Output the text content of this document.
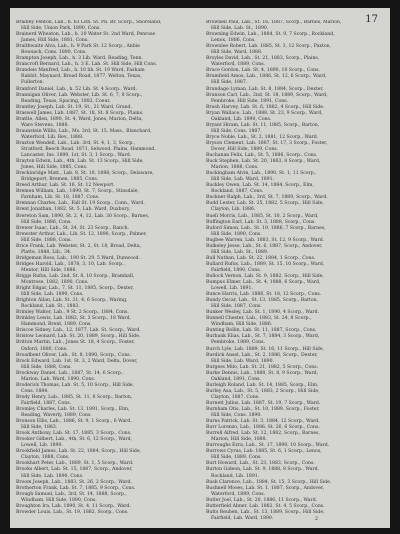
17
Bradley Fenton, Lab., h. 63 Lith. St. Ph. Br. Scorp., Shoreland,
Hill Side, Union Park, 1890, Cons.
Brainerd Wheaton, Lab., h. 10 Water St. 2nd Ward, Penrose
James, Hill Side, 1881, Cons.
Braithwaite Alva, Lab., h. 9 Park St. 12 Scorp., Anbie
Bowsack, Cons. 1890, Cons.
Brampton Joseph, Lab., h. 3 Lib. Ward, Reading, Tenn.
Brancroft Bernard, Lab., h. 3 E. Lab. St. Hill Side, Hill Cons.
Brandeis Manfred, Lab., h. 10 lib. St. 19 Ward, Fasham
Rabbit, Maynard, Broad Road, 1877, Welton, Texas,
Fullerton.
Branford Daniel, Lab., h. 52 Lib. St. 4 Scorp., Ward.
Brannigan Oliver, Lab. Webster, Lib. St. 6, 7, 8 Scorp.,
Reading, Texas, Spacing, 1882, Coeur,
Brantley Joseph, Lab. St. 19, St., 21 Ward, Grand,
Braswell James, Lab. 1887, St. 18, St. 8 Scorp., Plains.
Brattle, Allen, 1890, St. 4, Ward, Jones, Marion, Delta,
Ware Stevens, 1888.
Braunstein Willis, Lab., Ms. 3rd, St. 15, Mass., Blanchard,
Waterford, Lib. Rev., 1888.
Braxton Wendell, Lab., Lab. 3rd, St. 4, 1, 3, Scorp.,
Stratford, Beech Road, 1871, Selwood, Plains, Hammond,
Lancaster, Ins. 1890, 1st, St. 3, 1 Scorp., Ward.
Brayton Edwin, Lab., 4th, Lab. St. 13 Scorp., Hill Side,
Jones, Hill Side, 1885, Cons.
Breckinridge Matt., Lab. 8, St. 10, 1888, Scorp., Delaware,
Bridgeport, Bremen, 1885, Cons.
Breed Arthur, Lab. St. 16, St. 12 Newport.
Bremen William, Lab., 1890, St. 7, Scorp., Stinsdale,
Farnham, Lib. St. 18, 1887, Cons.
Brennan Charles, Lab., Fall St. 19 Scorp., Conn., Ward.
Brent Jonathan, 1882, St. 5, Lab. Ward, Duxbury,
Brereton Sam, 1890, St. 2, 4, 12, Lab. 30 Scorp., Barnes,
Hill Side, 1886, Cons.
Brewer Isaac, Lab., St. 24, St. 23 Scorp., Ranch.
Brewster Arthur, Lab., Lib. St. 12, 1890, Scorp., Palmer,
Hill Side, 1888, Cons.
Brice Frank, Lab. Webster, St. 2, St. 18, Broad, Delta,
Platte, 1888, Lib., 34.
Bridgeman Ross, Lab., 190 St. 29, 5 Ward, Dunwood.
Bridges Harold, Lab., 1878, 3, 10, Lab. Scorp.,
Mentor, Hill Side, 1886.
Briggs Rufus, Lab. 2nd, St. 8, 10 Scorp., Bramhall,
Montrose, 1882, 1890, Cons.
Bright Edgar, Lab., 7, St. 11, 1885, Scorp., Dexter,
Hill Side, Lab. 1890, Cons.
Brighton Allan, Lab. St. 31, 4, 6 Scorp., Waring,
Rockland, Lab. St., 1883.
Brimley Walter, Lab., 9 St. 2 Scorp., 1884, Cons.
Brinkley Lewis, Lab. 1882, St. 3 Scorp., 18 Ward,
Hammond, Brent, 1889, Cons.
Briscoe Sidney, Lab., 12, 1877, Lab. St. Scorp., Ward.
Bristow Leonard, Lab. St. 20, 1889, Scorp., Hill Side,
Britton Martin, Lab., Jones St. 18, 4 Scorp., Foster,
Oxford, 1880, Cons.
Broadbent Oliver, Lab., St. 8, 1890, Scorp., Cons.
Brock Edward, Lab. 1st, St. 3, 2 Ward, Delta, Dover,
Hill Side, 1888, Cons.
Brockway Daniel, Lab., 1887, St. 14, 6 Scorp.,
Marion, Lab. Ward, 1890, Cons.
Broderick Thomas, Lab. St. 5, 10 Scorp., Hill Side,
Cons. 1884.
Brody Henry, Lab., 1885, St. 11, 8 Scorp., Barton,
Fairfield, 1887, Cons.
Bromley Charles, Lab. St. 13, 1891, Scorp., Elm,
Reading, Waverly, 1889, Cons.
Bronson Ellis, Lab., 1886, St. 9, 1 Scorp., 6 Ward,
Hill Side, 1883.
Brook Anthony, Lab. St. 17, 1885, 3 Scorp., Cons.
Brooker Gilbert, Lab., 4th, St. 6, 12 Scorp., Ward,
Lowell, Lib. 1890.
Brookfield James, Lab. St. 22, 1884, Scorp., Hill Side,
Clayton, 1888, Cons.
Brookhart Peter, Lab., 1889, St. 1, 5 Scorp., Ward.
Brooks Albert, Lab. St. 15, 1887, Scorp., Andover,
Hill Side, Lab. 1890, Cons.
Broom Joseph, Lab., 1883, St. 26, 2 Scorp., Ward,
Brotherton Frank, Lab. St. 7, 1885, 9 Scorp., Cons.
Brough Samuel, Lab., 3rd, St. 14, 1888, Scorp.,
Windham, Hill Side, 1890, Cons.
Broughton Ira, Lab. 1890, St. 4, 11 Scorp., Ward.
Browder Louis, Lab., St. 19, 1882, Scorp., Cons.
Brownell Paul, Lab., St. 16, 1887, Scorp., Barnes, Marion,
Hill Side, Lab. St., 1890.
Browning Edwin, Lab., 1884, St. 9, 7 Scorp., Rockland,
Lenox, 1886, Cons.
Brownlee Robert, Lab. 1885, St. 3, 12 Scorp., Paxton,
Hill Side, Ward, 1888.
Broyles David, Lab., St. 21, 1883, Scorp., Plains,
Waterford, 1889, Cons.
Bruce Gordon, Lab. St. 4, 1890, 10 Scorp., Cons.
Brumfield Amos, Lab., 1886, St. 12, 6 Scorp., Ward,
Hill Side, 1887.
Brundage Lyman, Lab. St. 8, 1884, Scorp., Dexter,
Brunson Carl, Lab., 2nd, St. 18, 1889, Scorp., Ward,
Pembroke, Hill Side, 1891, Cons.
Brush Harvey, Lab. St. 6, 1882, 4 Scorp., Hill Side.
Bryan Wallace, Lab., 1888, St. 23, 9 Scorp., Ward,
Oakland, Lib. 1890, Cons.
Bryant Hiram, Lab. St. 11, 1885, Scorp., Barton,
Hill Side, Cons. 1887.
Bryce Noble, Lab., St. 2, 1881, 12 Scorp., Ward.
Bryson Clement, Lab. 1887, St. 17, 3 Scorp., Foster,
Dover, Hill Side, 1889, Cons.
Buchanan Felix, Lab., St. 5, 1886, Scorp., Cons.
Buck Stephen, Lab. St. 20, 1883, 8 Scorp., Ward,
Marion, 1888, Cons.
Buckingham Alvin, Lab., 1890, St. 1, 11 Scorp.,
Hill Side, Lab. Ward, 1891.
Buckley Owen, Lab. St. 14, 1884, Scorp., Elm,
Rockland, 1887, Cons.
Buckner Ralph, Lab., 3rd, St. 7, 1889, Scorp., Ward.
Budd Lester, Lab. St. 25, 1882, 5 Scorp., Hill Side,
Clayton, Lib. 1886.
Buell Morris, Lab., 1885, St. 10, 2 Scorp., Ward,
Buffington Earl, Lab. St. 3, 1888, Scorp., Cons.
Buford Simon, Lab., St. 19, 1886, 7 Scorp., Barnes,
Hill Side, 1890, Cons.
Bugbee Warren, Lab. 1883, St. 12, 9 Scorp., Ward.
Bulkeley Jesse, Lab., St. 6, 1887, Scorp., Andover,
Hill Side, Lab. St., 1889.
Bull Nathan, Lab. St. 22, 1884, 1 Scorp., Cons.
Bullard Rufus, Lab., 1889, St. 15, 10 Scorp., Ward,
Fairfield, 1890, Cons.
Bullock Vernon, Lab. St. 9, 1882, Scorp., Hill Side,
Bumpus Elmer, Lab., St. 4, 1888, 6 Scorp., Ward,
Lowell, Lib. 1891.
Bunce Harris, Lab. 1886, St. 18, 12 Scorp., Cons.
Bundy Oscar, Lab., St. 13, 1885, Scorp., Barton,
Hill Side, 1887, Cons.
Bunker Wesley, Lab. St. 1, 1890, 4 Scorp., Ward.
Bunnell Chester, Lab., 1883, St. 24, 8 Scorp.,
Windham, Hill Side, 1886.
Bunting Rollin, Lab. St. 11, 1887, Scorp., Cons.
Burbank Elias, Lab., St. 7, 1884, 3 Scorp., Ward,
Pembroke, 1889, Cons.
Burch Lyle, Lab. 1889, St. 16, 11 Scorp., Hill Side,
Burdick Ansel, Lab., St. 2, 1886, Scorp., Dexter,
Hill Side, Lab. Ward, 1890.
Burgess Milo, Lab. St. 21, 1882, 5 Scorp., Cons.
Burke Dennis, Lab., 1888, St. 8, 9 Scorp., Ward,
Oakland, 1891, Cons.
Burleigh Roland, Lab. St. 14, 1885, Scorp., Elm,
Burley Asa, Lab., St. 5, 1883, 2 Scorp., Hill Side,
Clayton, 1887, Cons.
Burnett Julius, Lab. 1887, St. 19, 7 Scorp., Ward.
Burnham Otis, Lab., St. 10, 1889, Scorp., Foster,
Hill Side, Cons. 1890.
Burns Patrick, Lab. St. 3, 1884, 12 Scorp., Ward,
Burr Lorenzo, Lab., 1886, St. 26, 6 Scorp., Cons.
Burrell Alfred, Lab. St. 12, 1882, Scorp., Barnes,
Marion, Hill Side, 1888.
Burroughs Ezra, Lab., St. 17, 1890, 10 Scorp., Ward.
Burrows Cyrus, Lab. 1885, St. 6, 1 Scorp., Lenox,
Hill Side, 1889, Cons.
Burt Howard, Lab., St. 23, 1883, Scorp., Cons.
Burton Gideon, Lab. St. 9, 1888, 8 Scorp., Ward,
Rockland, Lib. 1891.
Bush Clarence, Lab., 1884, St. 15, 3 Scorp., Hill Side,
Bushnell Moses, Lab. St. 1, 1887, Scorp., Andover,
Waterford, 1889, Cons.
Butler Joel, Lab., St. 20, 1886, 11 Scorp., Ward.
Butterfield Abner, Lab. 1882, St. 4, 5 Scorp., Cons.
Butts Reuben, Lab., St. 13, 1889, Scorp., Hill Side,
Fairfield, Lab. Ward, 1890.	2
